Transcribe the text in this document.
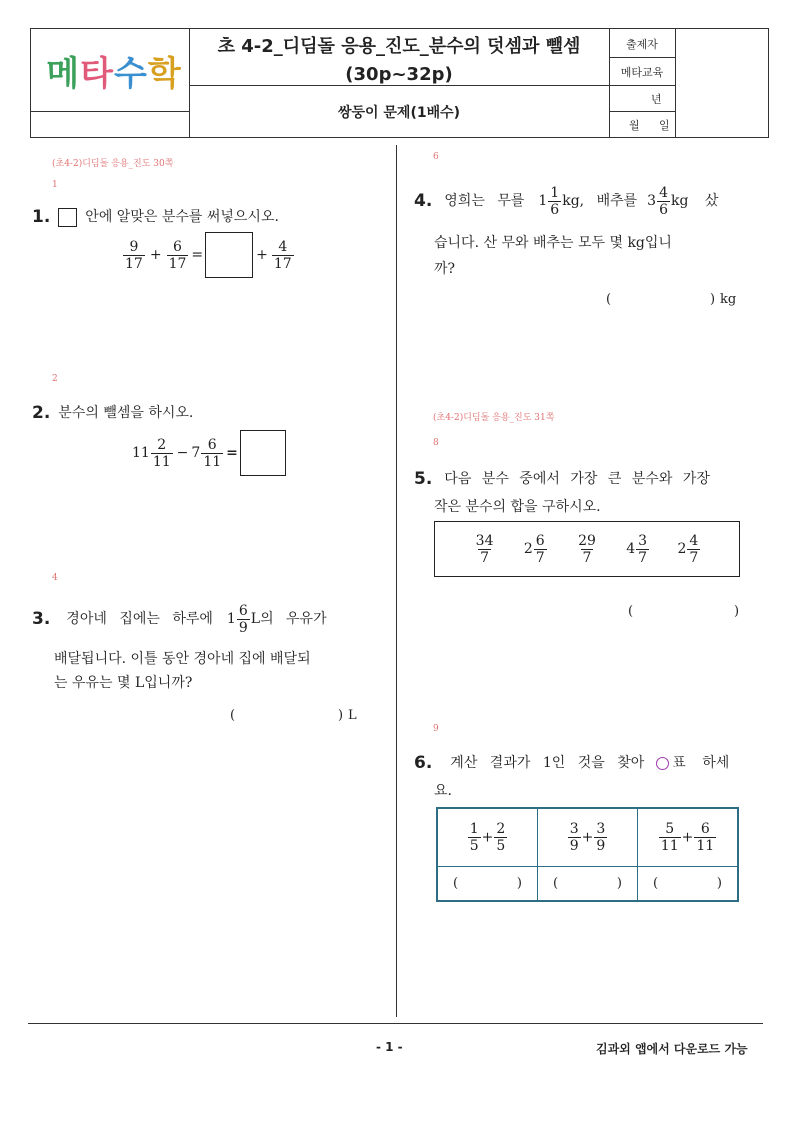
메 타 수 학
초 4-2_디딤돌 응용_진도_분수의 덧셈과 뺄셈
(30p~32p)
쌍둥이 문제(1배수)
출제자
메타교육
년
월 일
(초4-2)디딤돌 응용_진도 30쪽
1
1.	안에 알맞은 분수를 써넣으시오.
$\frac{9}{17} + \frac{6}{17}$ =	+ $\frac{4}{17}$
2
2. 분수의 뺄셈을 하시오.
$11 \frac{2}{11} - 7 \frac{6}{11}$ =
4
3. 경아네 집에는 하루에 $1 \frac{6}{9}$ L의 우유가
배달됩니다. 이틀 동안 경아네 집에 배달되
는 우유는 몇 L입니까?
(	) L
6
4. 영희는 무를 $1 \frac{1}{6}$ kg, 배추를 $3 \frac{4}{6}$ kg 샀
습니다. 산 무와 배추는 모두 몇 kg입니
까?
(	) kg
(초4-2)디딤돌 응용_진도 31쪽
8
5. 다음 분수 중에서 가장 큰 분수와 가장
작은 분수의 합을 구하시오.
$\frac{34}{7} 2 \frac{6}{7} \frac{29}{7} 4 \frac{3}{7} 2 \frac{4}{7}$
(	)
9
6. 계산 결과가 1인 것을 찾아 ○ 표 하세
요.
$\frac{1}{5} + \frac{2}{5}$	$\frac{3}{9} + \frac{3}{9}$	$\frac{5}{11} + \frac{6}{11}$

( )	( )	( )
- 1 -	김과외 앱에서 다운로드 가능
